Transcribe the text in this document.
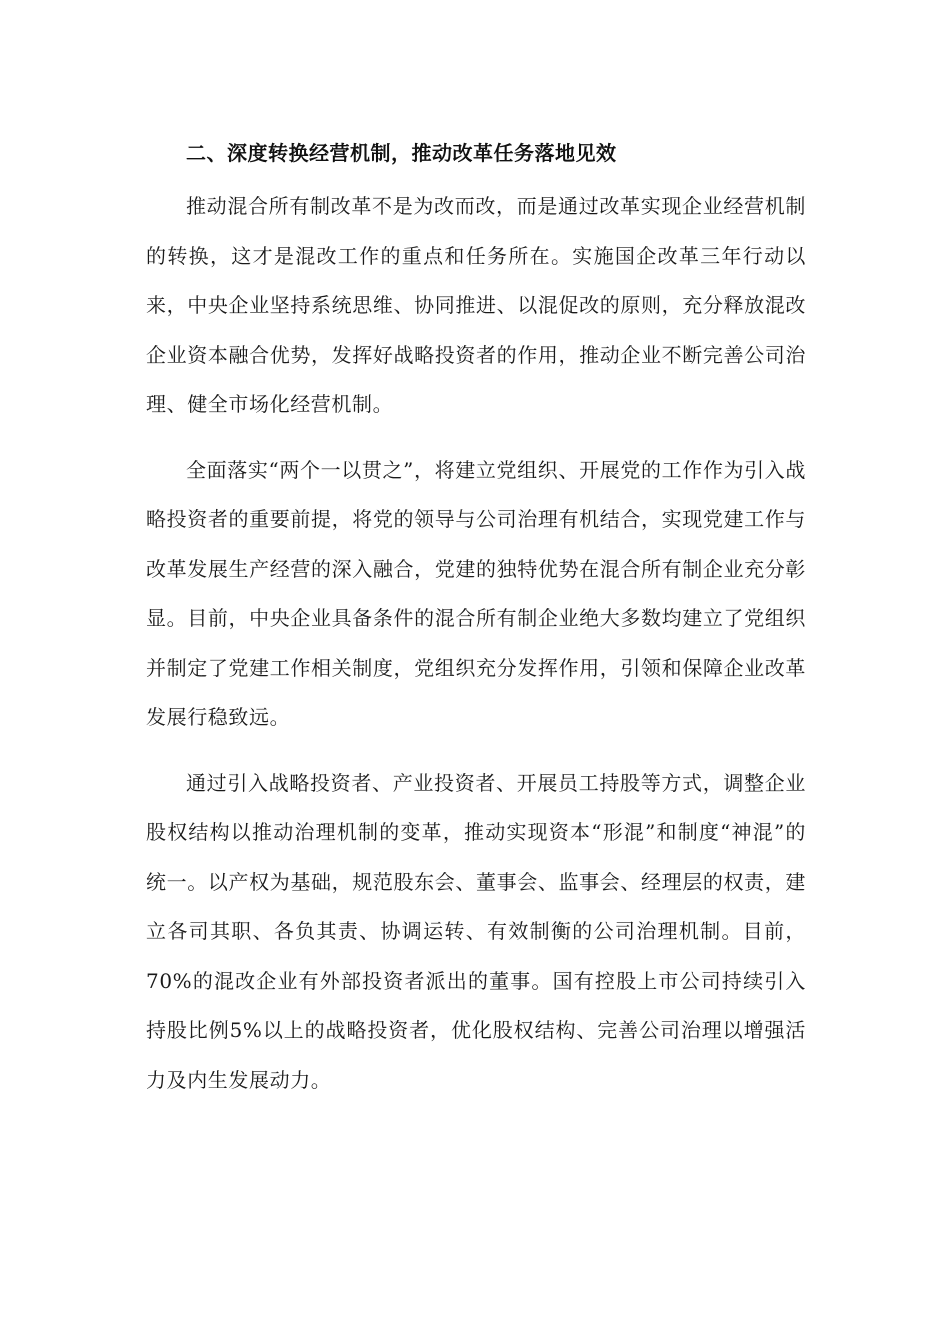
二、深度转换经营机制，推动改革任务落地见效

推动混合所有制改革不是为改而改，而是通过改革实现企业经营机制的转换，这才是混改工作的重点和任务所在。实施国企改革三年行动以来，中央企业坚持系统思维、协同推进、以混促改的原则，充分释放混改企业资本融合优势，发挥好战略投资者的作用，推动企业不断完善公司治理、健全市场化经营机制。

全面落实“两个一以贯之”，将建立党组织、开展党的工作作为引入战略投资者的重要前提，将党的领导与公司治理有机结合，实现党建工作与改革发展生产经营的深入融合，党建的独特优势在混合所有制企业充分彰显。目前，中央企业具备条件的混合所有制企业绝大多数均建立了党组织并制定了党建工作相关制度，党组织充分发挥作用，引领和保障企业改革发展行稳致远。

通过引入战略投资者、产业投资者、开展员工持股等方式，调整企业股权结构以推动治理机制的变革，推动实现资本“形混”和制度“神混”的统一。以产权为基础，规范股东会、董事会、监事会、经理层的权责，建立各司其职、各负其责、协调运转、有效制衡的公司治理机制。目前，70%的混改企业有外部投资者派出的董事。国有控股上市公司持续引入持股比例5%以上的战略投资者，优化股权结构、完善公司治理以增强活力及内生发展动力。
